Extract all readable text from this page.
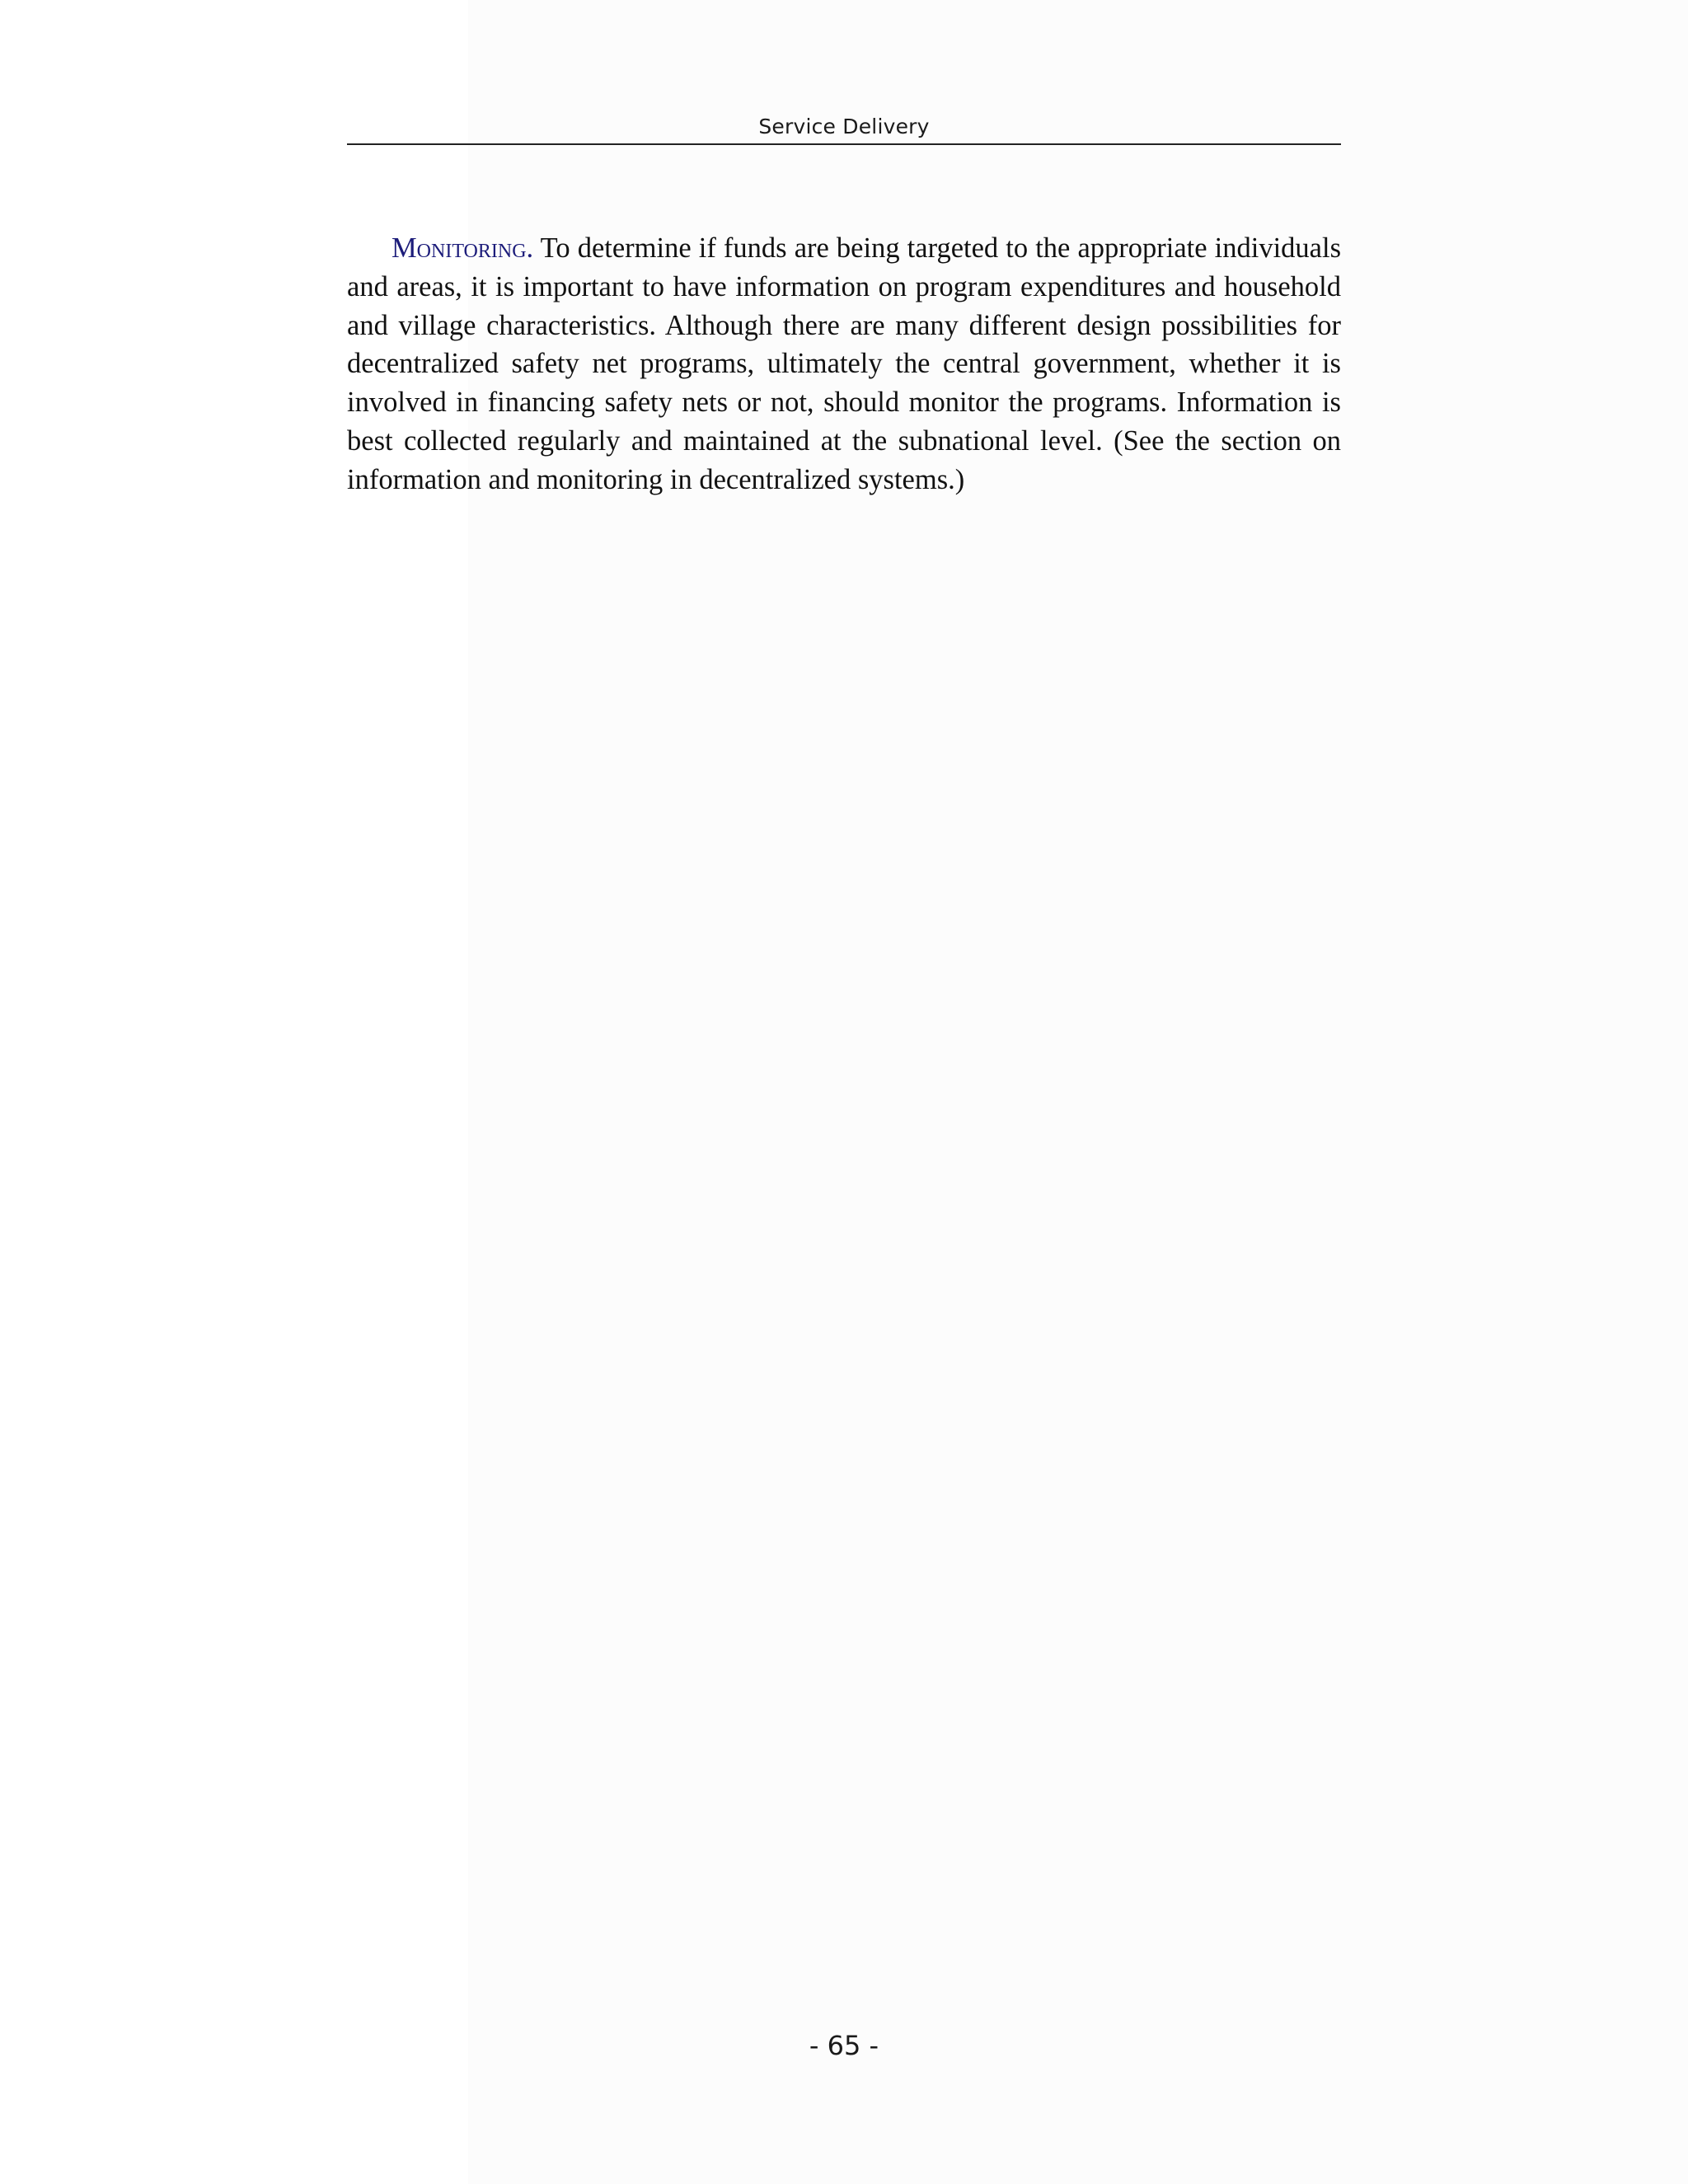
Service Delivery

Monitoring. To determine if funds are being targeted to the appropriate individuals and areas, it is important to have information on program expenditures and household and village characteristics. Although there are many different design possibilities for decentralized safety net programs, ultimately the central government, whether it is involved in financing safety nets or not, should monitor the programs. Information is best collected regularly and maintained at the subnational level. (See the section on information and monitoring in decentralized systems.)

- 65 -
